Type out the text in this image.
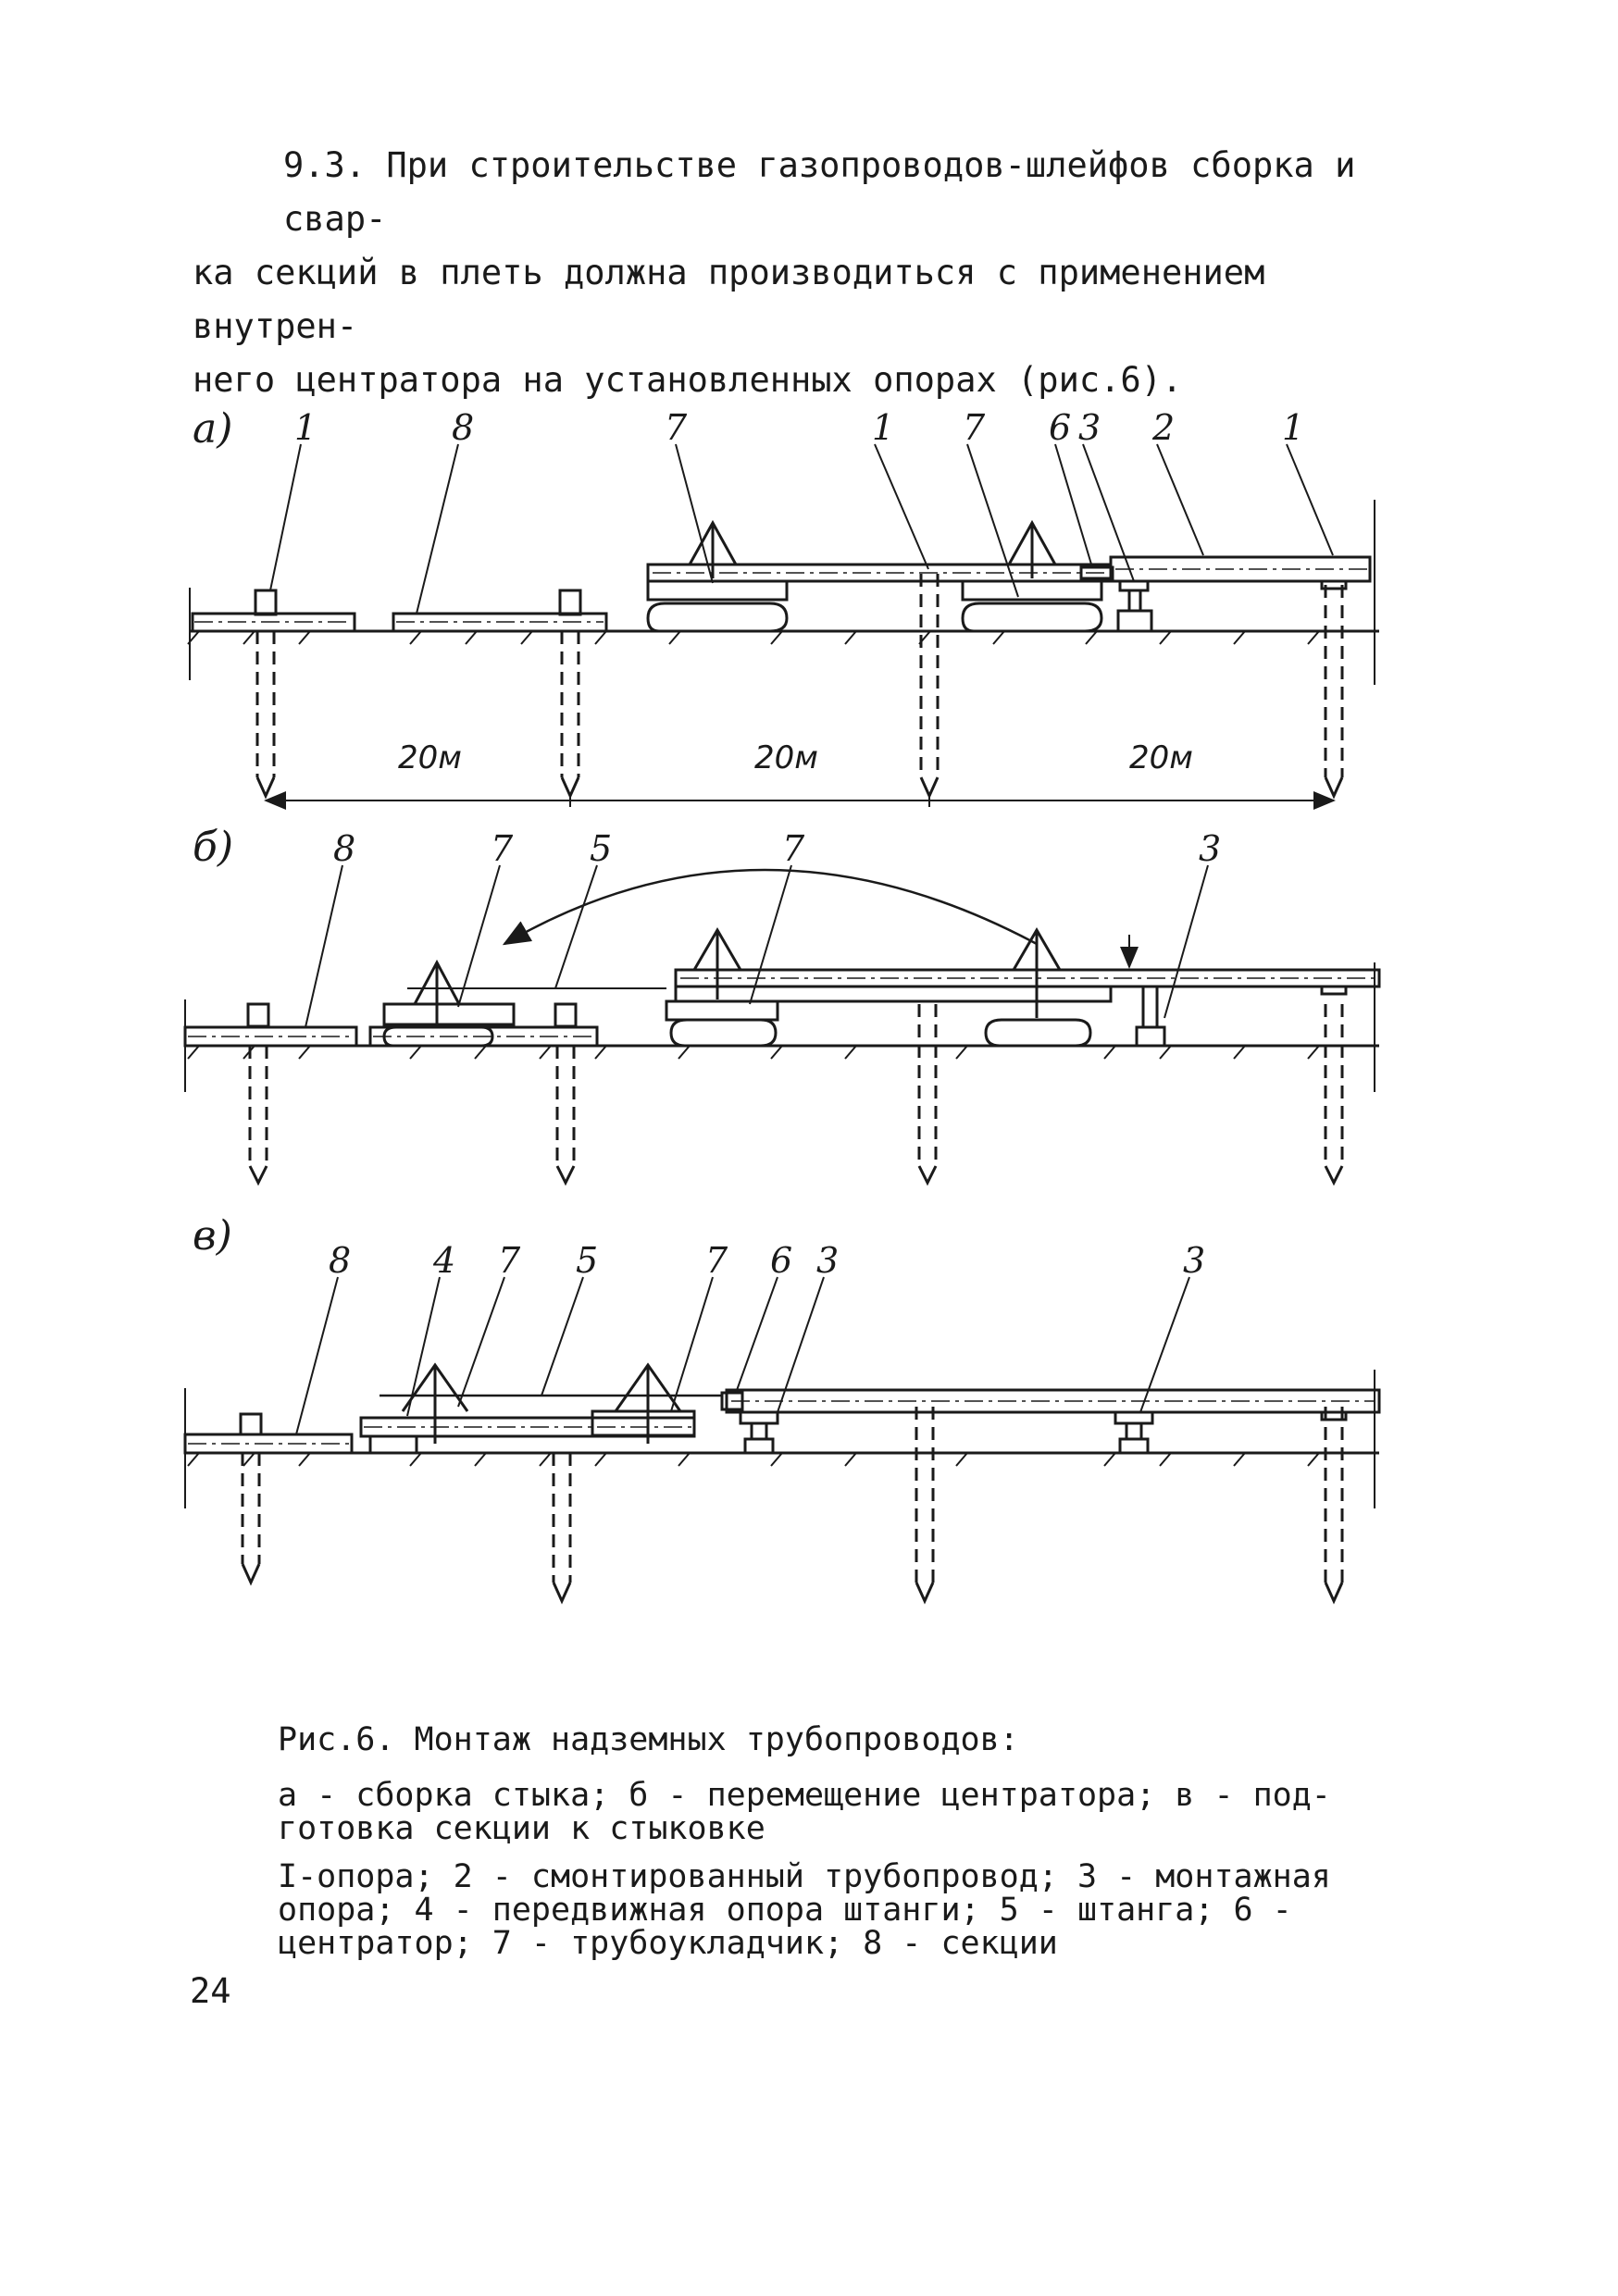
9.3. При строительстве газопроводов-шлейфов сборка и свар-
ка секций в плеть должна производиться с применением внутрен-
него центратора на установленных опорах (рис.6).

а) 1	8	7	1 7 6 3 2	1
20м	20м	20м
б)	8	7 5	7	3
в)
8 4 7 5	7 6 3	3
Рис.6. Монтаж надземных трубопроводов:
а - сборка стыка; б - перемещение центратора; в - под-
готовка секции к стыковке
I-опора; 2 - смонтированный трубопровод; 3 - монтажная
опора; 4 - передвижная опора штанги; 5 - штанга; 6 -
центратор; 7 - трубоукладчик; 8 - секции
24
